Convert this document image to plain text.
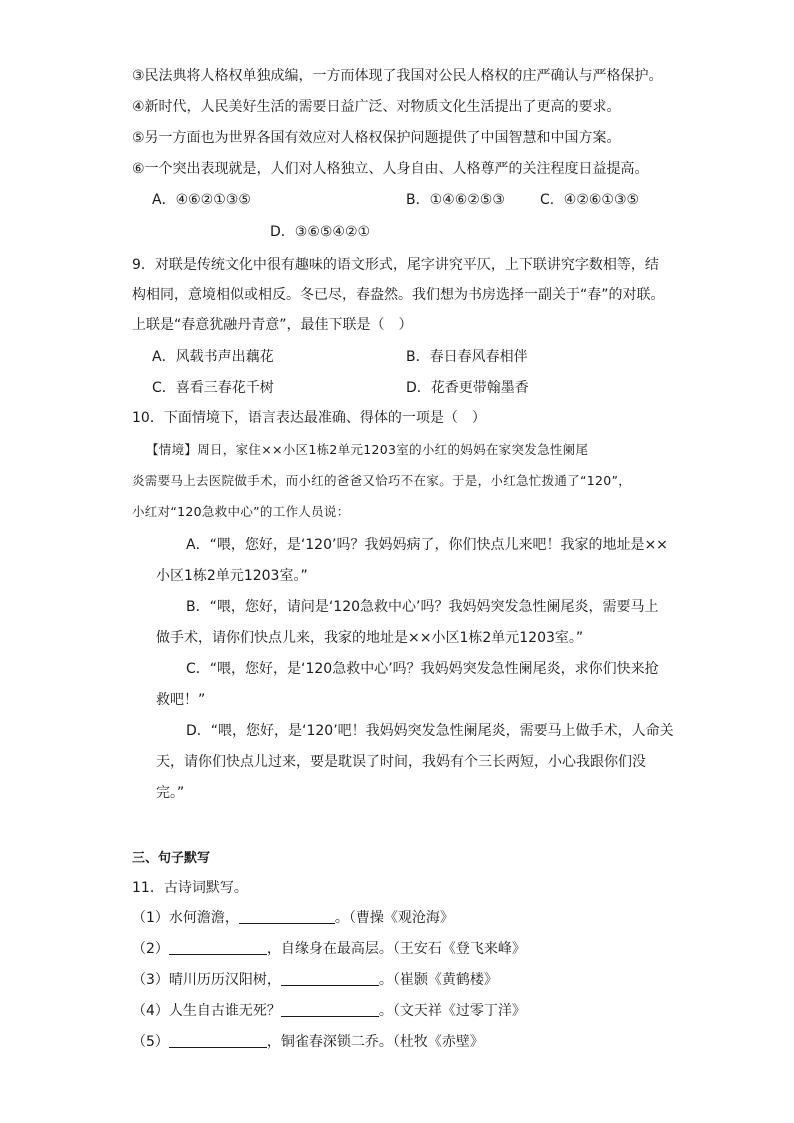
③民法典将人格权单独成编，一方而体现了我国对公民人格权的庄严确认与严格保护。
④新时代，人民美好生活的需要日益广泛、对物质文化生活提出了更高的要求。
⑤另一方面也为世界各国有效应对人格权保护问题提供了中国智慧和中国方案。
⑥一个突出表现就是，人们对人格独立、人身自由、人格尊严的关注程度日益提高。
A．④⑥②①③⑤	B．①④⑥②⑤③	C．④②⑥①③⑤
D．③⑥⑤④②①
9．对联是传统文化中很有趣味的语文形式，尾字讲究平仄，上下联讲究字数相等，结
构相同，意境相似或相反。冬已尽，春盎然。我们想为书房选择一副关于“春”的对联。
上联是“春意犹融丹青意”，最佳下联是（　）
A．风载书声出藕花	B．春日春风春相伴
C．喜看三春花千树	D．花香更带翰墨香
10．下面情境下，语言表达最准确、得体的一项是（　）
【情境】周日，家住××小区1栋2单元1203室的小红的妈妈在家突发急性阑尾
炎需要马上去医院做手术，而小红的爸爸又恰巧不在家。于是，小红急忙拨通了“120”，
小红对“120急救中心”的工作人员说：
A．“喂，您好，是‘120’吗？我妈妈病了，你们快点儿来吧！我家的地址是××
小区1栋2单元1203室。”
B．“喂，您好，请问是‘120急救中心’吗？我妈妈突发急性阑尾炎，需要马上
做手术，请你们快点儿来，我家的地址是××小区1栋2单元1203室。”
C．“喂，您好，是‘120急救中心’吗？我妈妈突发急性阑尾炎，求你们快来抢
救吧！”
D．“喂，您好，是‘120’吧！我妈妈突发急性阑尾炎，需要马上做手术，人命关
天，请你们快点儿过来，要是耽误了时间，我妈有个三长两短，小心我跟你们没
完。”
三、句子默写
11．古诗词默写。
（1）水何澹澹，	。（曹操《观沧海》
（2）	，自缘身在最高层。（王安石《登飞来峰》
（3）晴川历历汉阳树，	。（崔颢《黄鹤楼》
（4）人生自古谁无死？	。（文天祥《过零丁洋》
（5）	，铜雀春深锁二乔。（杜牧《赤壁》
